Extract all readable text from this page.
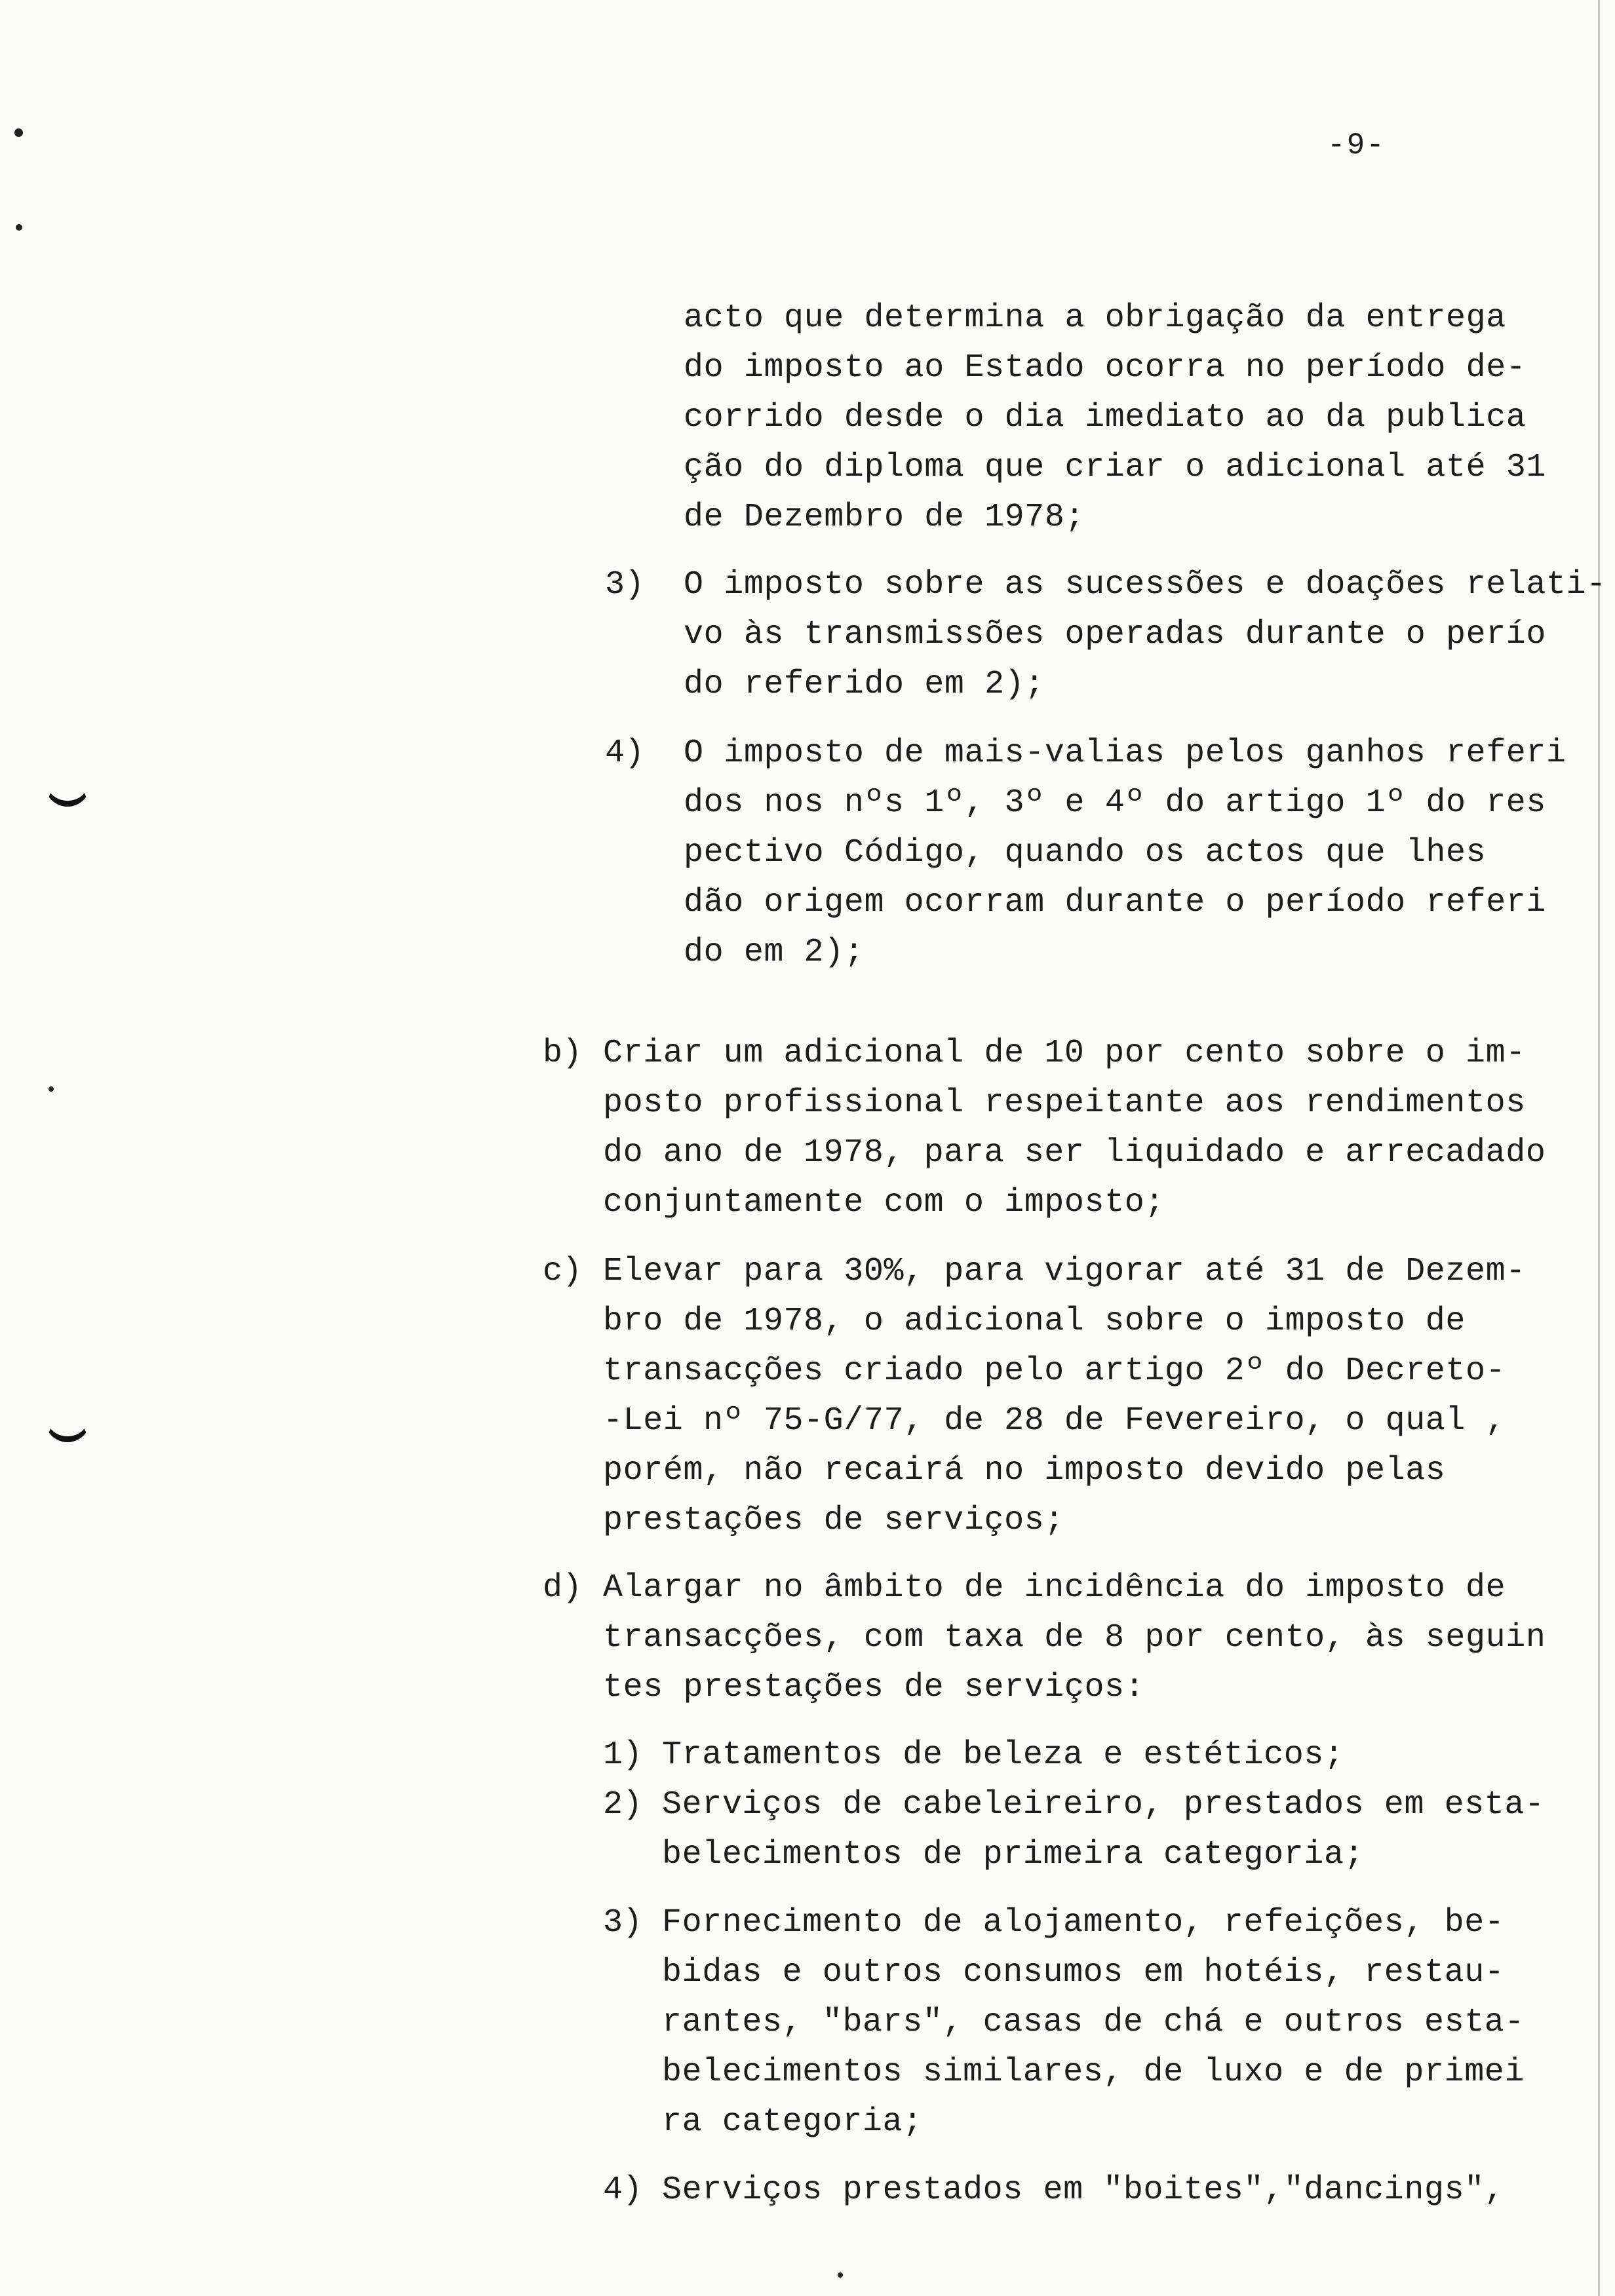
-9-
acto que determina a obrigação da entrega
do imposto ao Estado ocorra no período de-
corrido desde o dia imediato ao da publica
ção do diploma que criar o adicional até 31
de Dezembro de 1978;
3) O imposto sobre as sucessões e doações relati-
vo às transmissões operadas durante o perío
do referido em 2);
4) O imposto de mais-valias pelos ganhos referi
dos nos nºs 1º, 3º e 4º do artigo 1º do res
pectivo Código, quando os actos que lhes
dão origem ocorram durante o período referi
do em 2);
b) Criar um adicional de 10 por cento sobre o im-
posto profissional respeitante aos rendimentos
do ano de 1978, para ser liquidado e arrecadado
conjuntamente com o imposto;
c) Elevar para 30%, para vigorar até 31 de Dezem-
bro de 1978, o adicional sobre o imposto de
transacções criado pelo artigo 2º do Decreto-
-Lei nº 75-G/77, de 28 de Fevereiro, o qual ,
porém, não recairá no imposto devido pelas
prestações de serviços;
d) Alargar no âmbito de incidência do imposto de
transacções, com taxa de 8 por cento, às seguin
tes prestações de serviços:
1) Tratamentos de beleza e estéticos;
2) Serviços de cabeleireiro, prestados em esta-
belecimentos de primeira categoria;
3) Fornecimento de alojamento, refeições, be-
bidas e outros consumos em hotéis, restau-
rantes, "bars", casas de chá e outros esta-
belecimentos similares, de luxo e de primei
ra categoria;
4) Serviços prestados em "boites","dancings",
